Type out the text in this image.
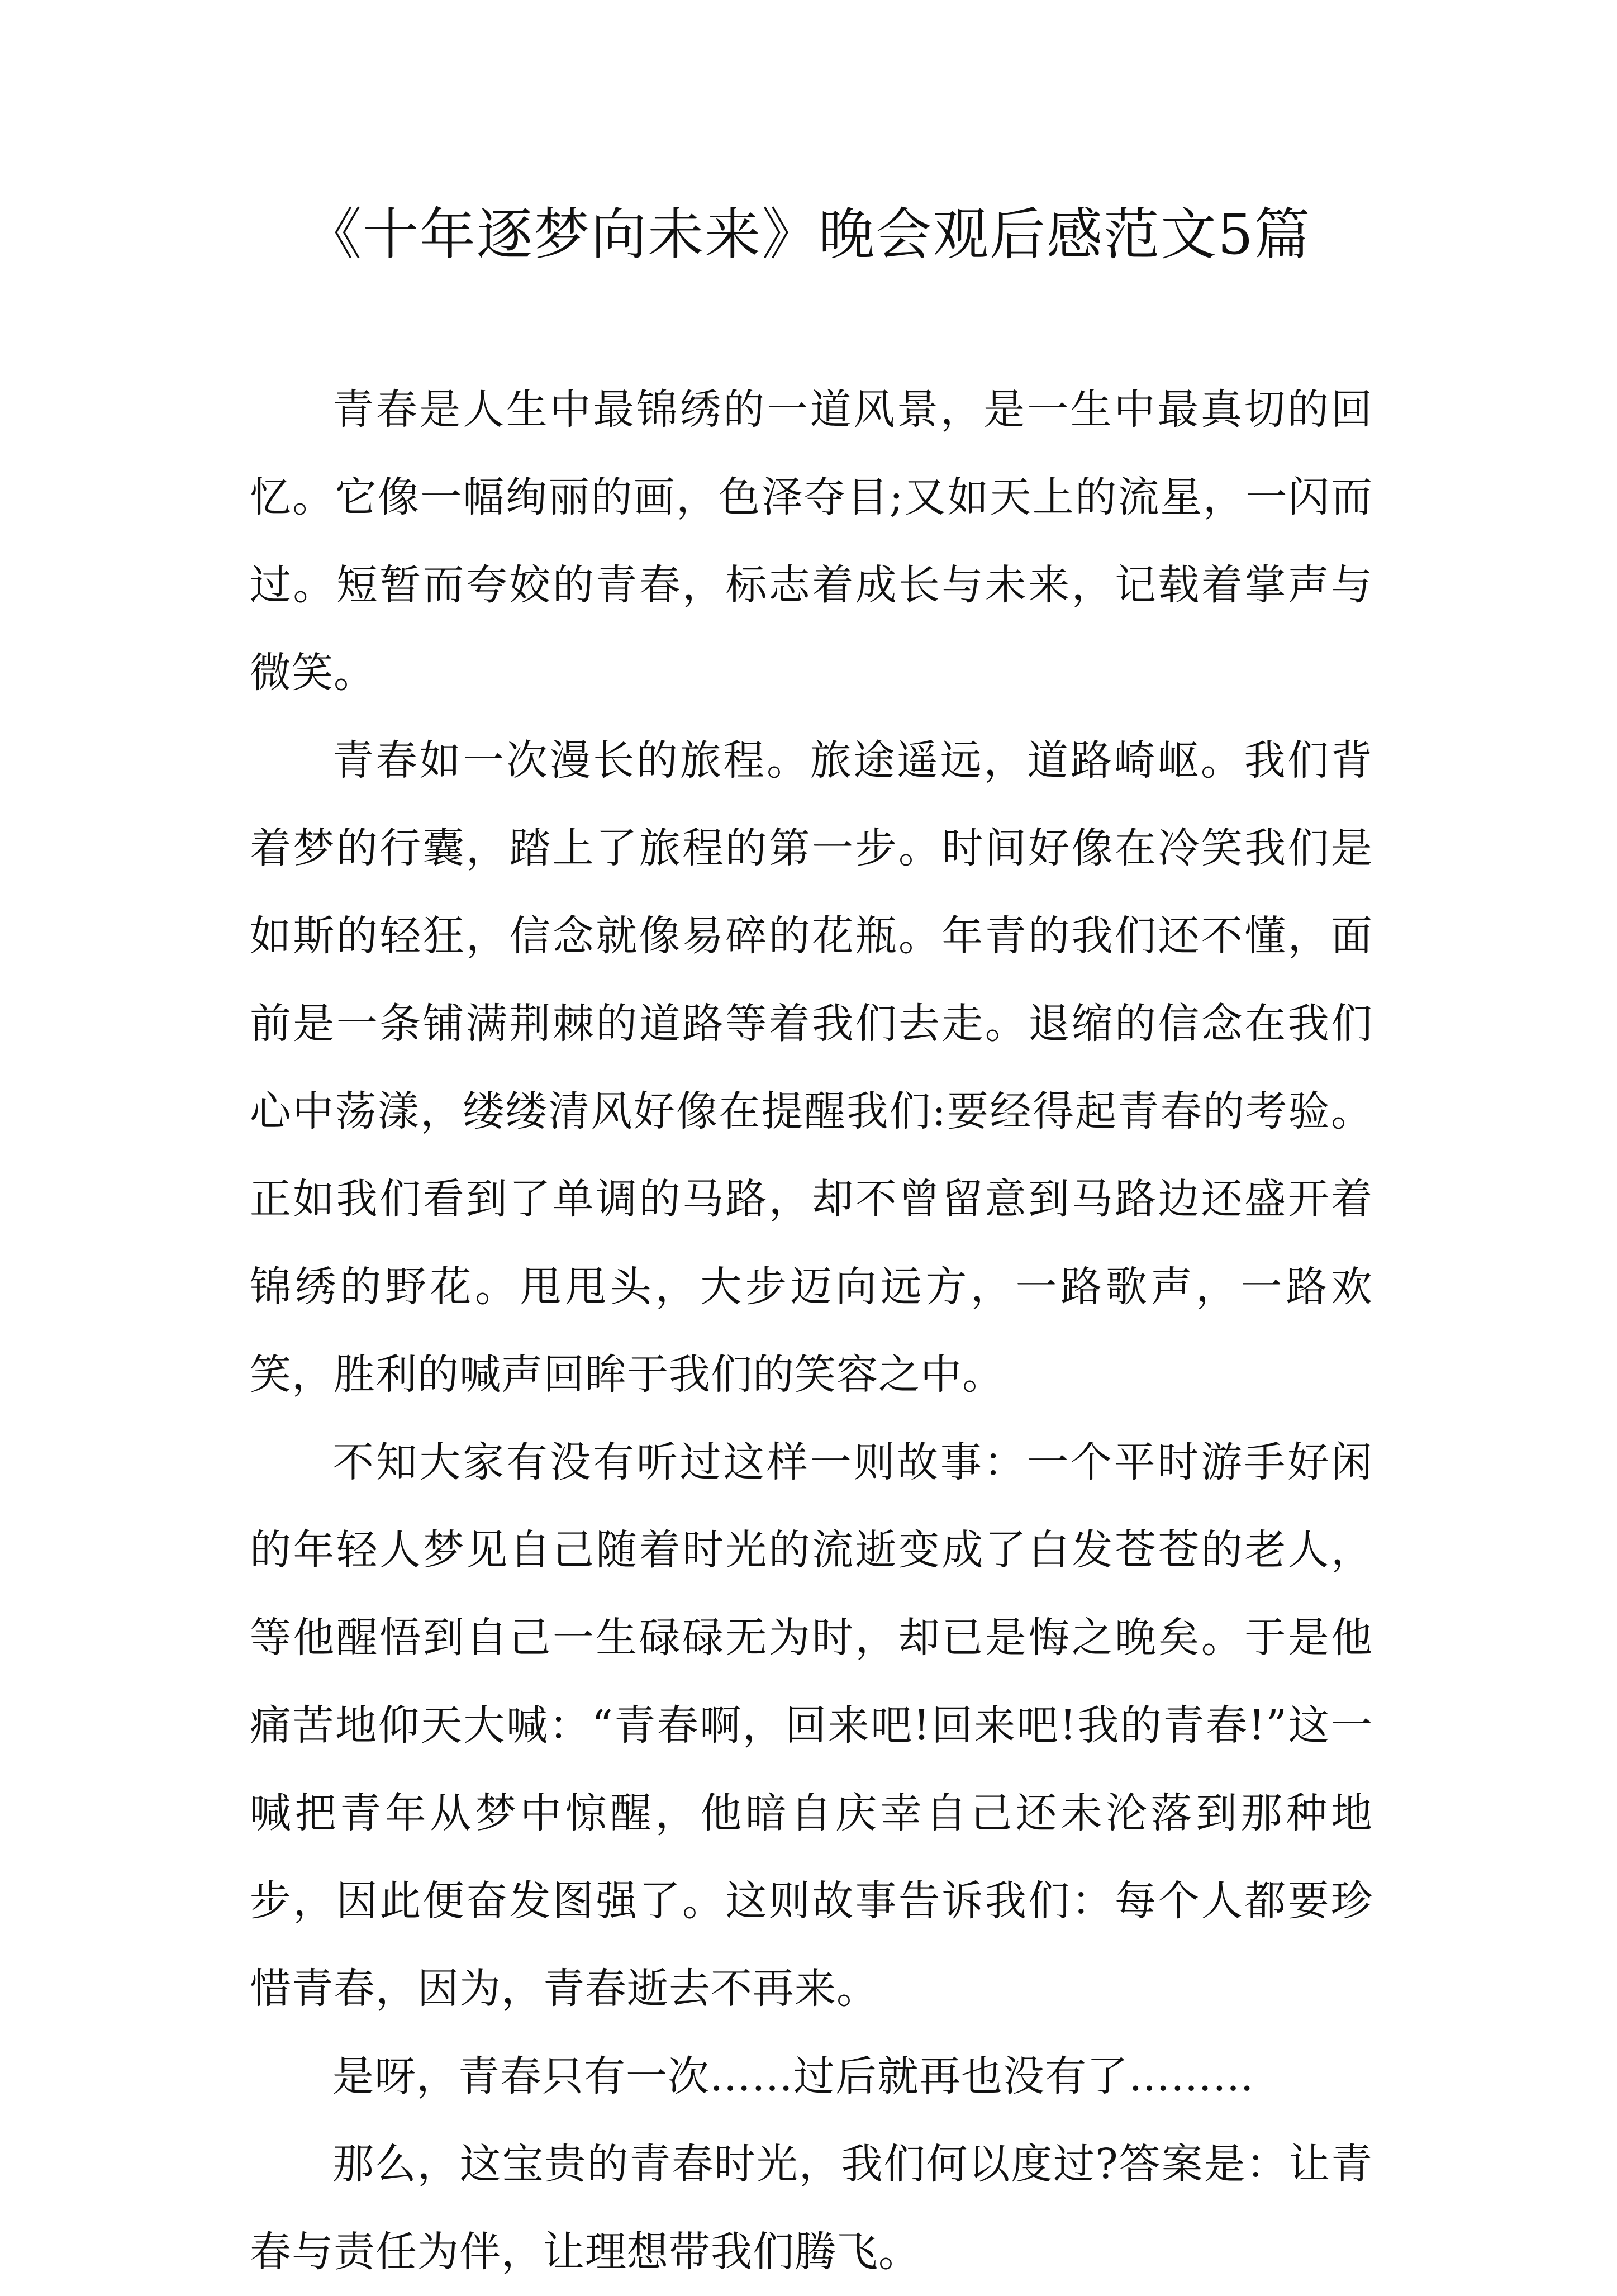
《十年逐梦向未来》晚会观后感范文5篇

青春是人生中最锦绣的一道风景，是一生中最真切的回忆。它像一幅绚丽的画，色泽夺目;又如天上的流星，一闪而过。短暂而夸姣的青春，标志着成长与未来，记载着掌声与微笑。

青春如一次漫长的旅程。旅途遥远，道路崎岖。我们背着梦的行囊，踏上了旅程的第一步。时间好像在冷笑我们是如斯的轻狂，信念就像易碎的花瓶。年青的我们还不懂，面前是一条铺满荆棘的道路等着我们去走。退缩的信念在我们心中荡漾，缕缕清风好像在提醒我们:要经得起青春的考验。正如我们看到了单调的马路，却不曾留意到马路边还盛开着锦绣的野花。甩甩头，大步迈向远方，一路歌声，一路欢笑，胜利的喊声回眸于我们的笑容之中。

不知大家有没有听过这样一则故事：一个平时游手好闲的年轻人梦见自己随着时光的流逝变成了白发苍苍的老人，等他醒悟到自己一生碌碌无为时，却已是悔之晚矣。于是他痛苦地仰天大喊：“青春啊，回来吧!回来吧!我的青春!”这一喊把青年从梦中惊醒，他暗自庆幸自己还未沦落到那种地步，因此便奋发图强了。这则故事告诉我们：每个人都要珍惜青春，因为，青春逝去不再来。

是呀，青春只有一次……过后就再也没有了………

那么，这宝贵的青春时光，我们何以度过?答案是：让青春与责任为伴，让理想带我们腾飞。
